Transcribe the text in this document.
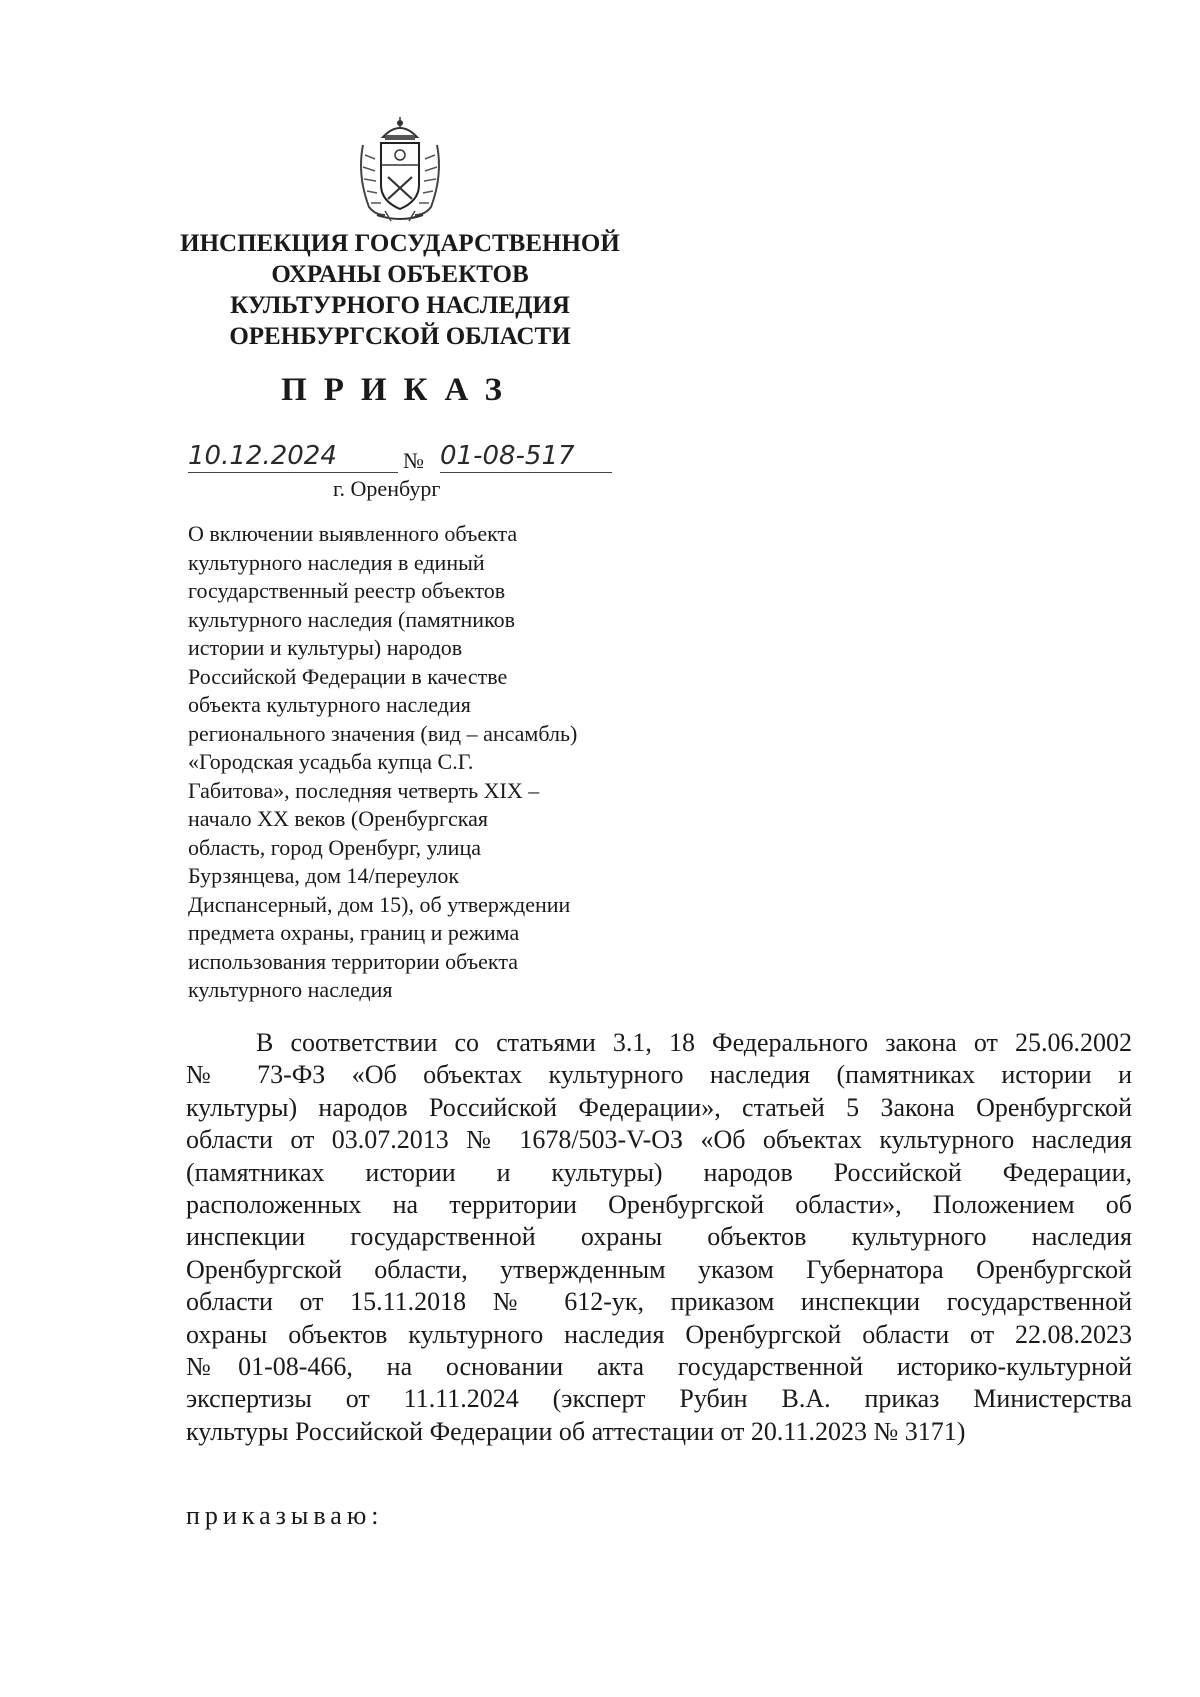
ИНСПЕКЦИЯ ГОСУДАРСТВЕННОЙ
ОХРАНЫ ОБЪЕКТОВ
КУЛЬТУРНОГО НАСЛЕДИЯ
ОРЕНБУРГСКОЙ ОБЛАСТИ
ПРИКАЗ
10.12.2024	№ 01-08-517
г. Оренбург
О включении выявленного объекта
культурного наследия в единый
государственный реестр объектов
культурного наследия (памятников
истории и культуры) народов
Российской Федерации в качестве
объекта культурного наследия
регионального значения (вид – ансамбль)
«Городская усадьба купца С.Г.
Габитова», последняя четверть XIX –
начало XX веков (Оренбургская
область, город Оренбург, улица
Бурзянцева, дом 14/переулок
Диспансерный, дом 15), об утверждении
предмета охраны, границ и режима
использования территории объекта
культурного наследия
В соответствии со статьями 3.1, 18 Федерального закона от 25.06.2002
№ 73-ФЗ «Об объектах культурного наследия (памятниках истории и
культуры) народов Российской Федерации», статьей 5 Закона Оренбургской
области от 03.07.2013 № 1678/503-V-ОЗ «Об объектах культурного наследия
(памятниках истории и культуры) народов Российской Федерации,
расположенных на территории Оренбургской области», Положением об
инспекции государственной охраны объектов культурного наследия
Оренбургской области, утвержденным указом Губернатора Оренбургской
области от 15.11.2018 № 612-ук, приказом инспекции государственной
охраны объектов культурного наследия Оренбургской области от 22.08.2023
№01-08-466, на основании акта государственной историко-культурной
экспертизы от 11.11.2024 (эксперт Рубин В.А. приказ Министерства
культуры Российской Федерации об аттестации от 20.11.2023 № 3171)
приказываю:
